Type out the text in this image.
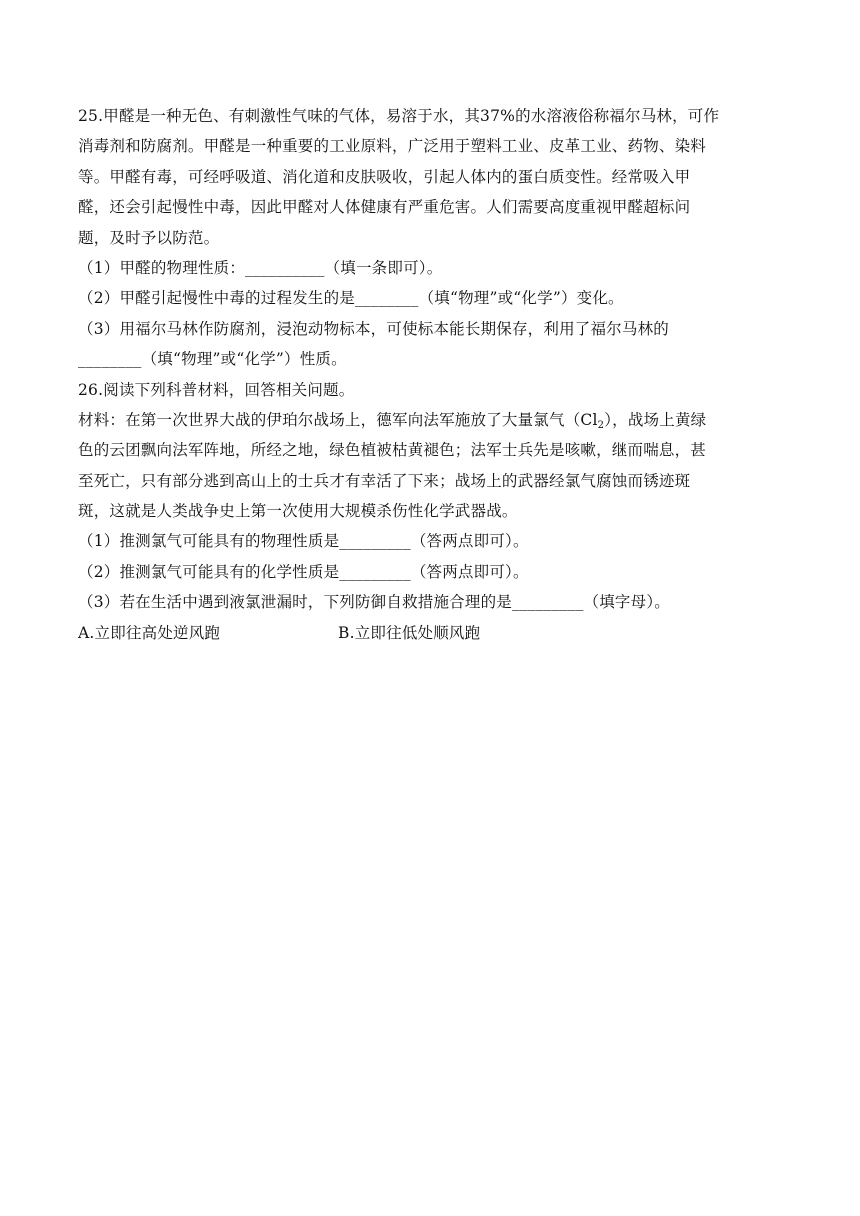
25.甲醛是一种无色、有刺激性气味的气体，易溶于水，其37%的水溶液俗称福尔马林，可作
消毒剂和防腐剂。甲醛是一种重要的工业原料，广泛用于塑料工业、皮革工业、药物、染料
等。甲醛有毒，可经呼吸道、消化道和皮肤吸收，引起人体内的蛋白质变性。经常吸入甲
醛，还会引起慢性中毒，因此甲醛对人体健康有严重危害。人们需要高度重视甲醛超标问
题，及时予以防范。
（1）甲醛的物理性质：__________（填一条即可）。
（2）甲醛引起慢性中毒的过程发生的是________（填“物理”或“化学”）变化。
（3）用福尔马林作防腐剂，浸泡动物标本，可使标本能长期保存，利用了福尔马林的
________（填“物理”或“化学”）性质。
26.阅读下列科普材料，回答相关问题。
材料：在第一次世界大战的伊珀尔战场上，德军向法军施放了大量氯气$(Cl_2)$，战场上黄绿
色的云团飘向法军阵地，所经之地，绿色植被枯黄褪色；法军士兵先是咳嗽，继而喘息，甚
至死亡，只有部分逃到高山上的士兵才有幸活了下来；战场上的武器经氯气腐蚀而锈迹斑
斑，这就是人类战争史上第一次使用大规模杀伤性化学武器战。
（1）推测氯气可能具有的物理性质是_________（答两点即可）。
（2）推测氯气可能具有的化学性质是_________（答两点即可）。
（3）若在生活中遇到液氯泄漏时，下列防御自救措施合理的是_________（填字母）。
A.立即往高处逆风跑	B.立即往低处顺风跑
